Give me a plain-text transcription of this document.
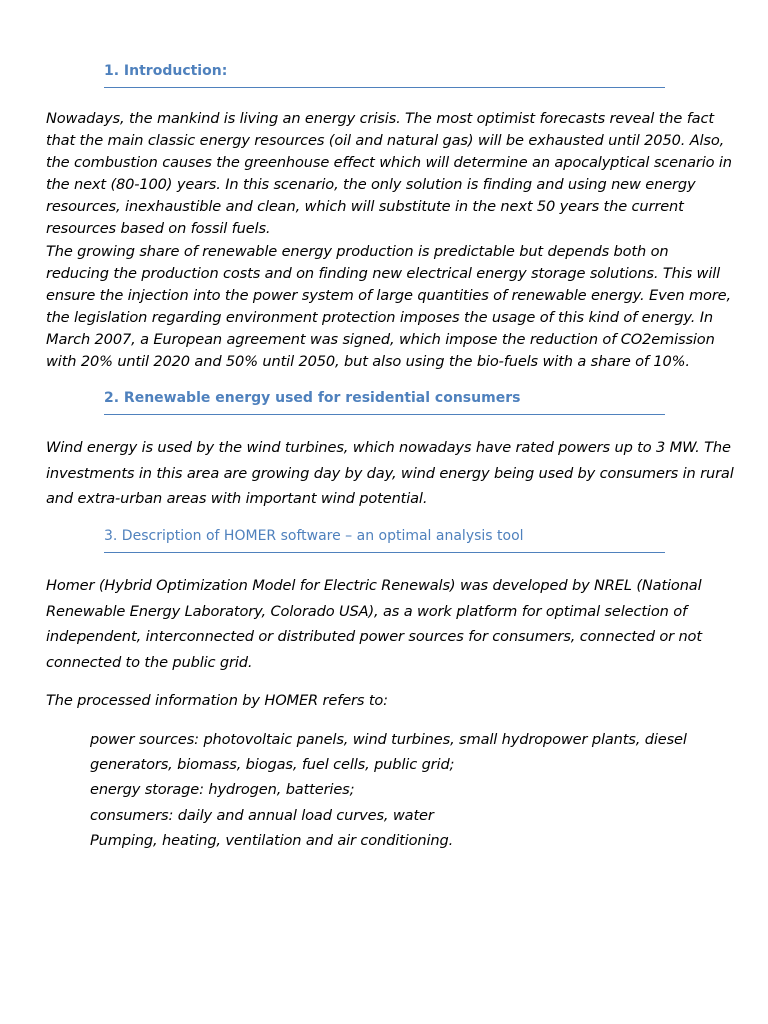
1. Introduction:
Nowadays, the mankind is living an energy crisis. The most optimist forecasts reveal the fact
that the main classic energy resources (oil and natural gas) will be exhausted until 2050. Also,
the combustion causes the greenhouse effect which will determine an apocalyptical scenario in
the next (80-100) years. In this scenario, the only solution is finding and using new energy
resources, inexhaustible and clean, which will substitute in the next 50 years the current
resources based on fossil fuels.
The growing share of renewable energy production is predictable but depends both on
reducing the production costs and on finding new electrical energy storage solutions. This will
ensure the injection into the power system of large quantities of renewable energy. Even more,
the legislation regarding environment protection imposes the usage of this kind of energy. In
March 2007, a European agreement was signed, which impose the reduction of CO2emission
with 20% until 2020 and 50% until 2050, but also using the bio-fuels with a share of 10%.
2. Renewable energy used for residential consumers
Wind energy is used by the wind turbines, which nowadays have rated powers up to 3 MW. The
investments in this area are growing day by day, wind energy being used by consumers in rural
and extra-urban areas with important wind potential.
3. Description of HOMER software – an optimal analysis tool
Homer (Hybrid Optimization Model for Electric Renewals) was developed by NREL (National
Renewable Energy Laboratory, Colorado USA), as a work platform for optimal selection of
independent, interconnected or distributed power sources for consumers, connected or not
connected to the public grid.
The processed information by HOMER refers to:
power sources: photovoltaic panels, wind turbines, small hydropower plants, diesel
generators, biomass, biogas, fuel cells, public grid;
energy storage: hydrogen, batteries;
consumers: daily and annual load curves, water
Pumping, heating, ventilation and air conditioning.
